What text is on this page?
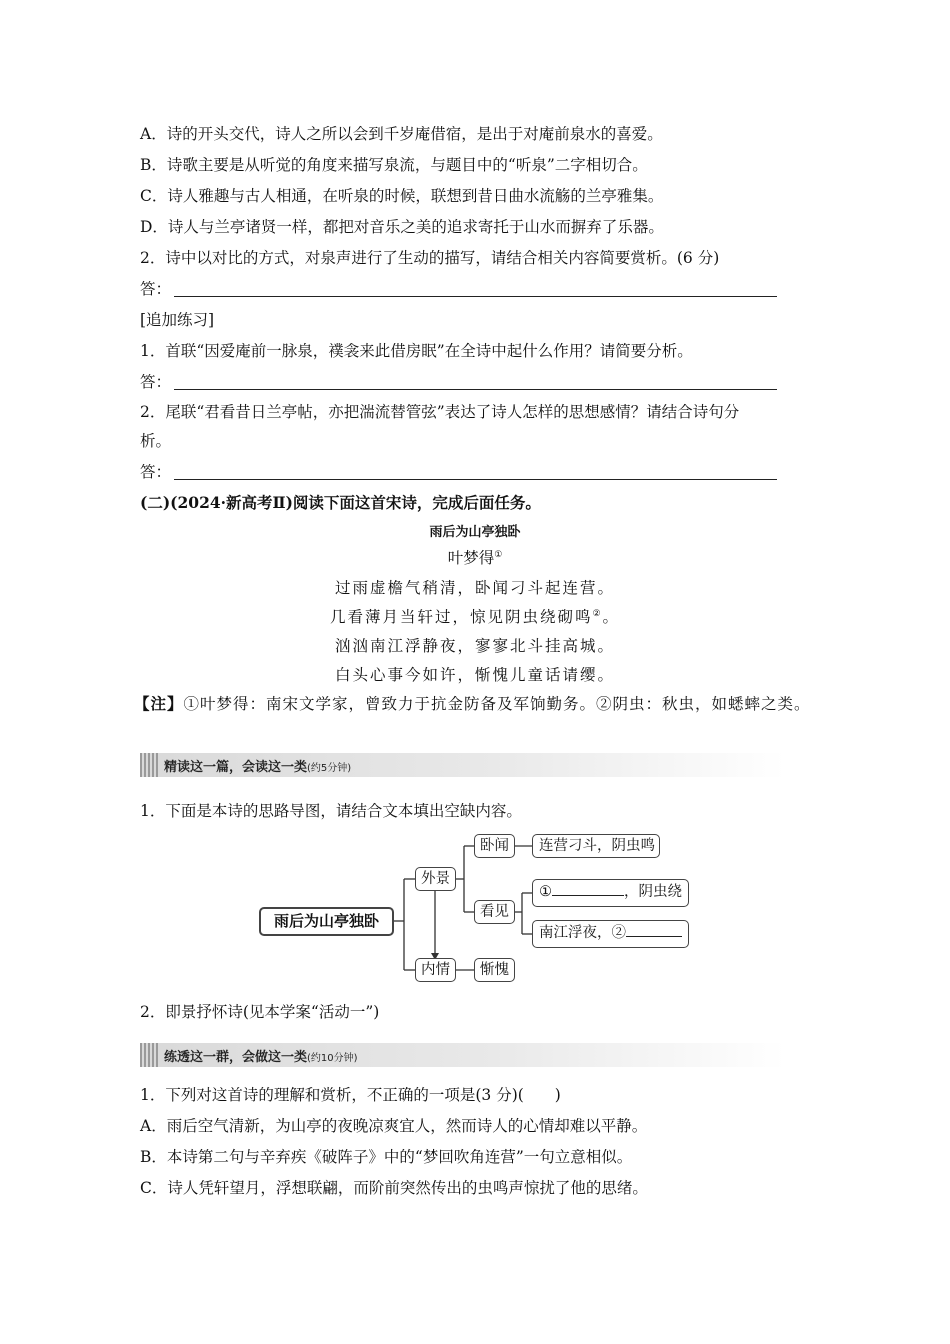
A．诗的开头交代，诗人之所以会到千岁庵借宿，是出于对庵前泉水的喜爱。
B．诗歌主要是从听觉的角度来描写泉流，与题目中的“听泉”二字相切合。
C．诗人雅趣与古人相通，在听泉的时候，联想到昔日曲水流觞的兰亭雅集。
D．诗人与兰亭诸贤一样，都把对音乐之美的追求寄托于山水而摒弃了乐器。
2．诗中以对比的方式，对泉声进行了生动的描写，请结合相关内容简要赏析。(6 分)
答：
[追加练习]
1．首联“因爱庵前一脉泉，襆衾来此借房眠”在全诗中起什么作用？请简要分析。
答：
2．尾联“君看昔日兰亭帖，亦把湍流替管弦”表达了诗人怎样的思想感情？请结合诗句分
析。
答：
(二)(2024·新高考Ⅱ)阅读下面这首宋诗，完成后面任务。
雨后为山亭独卧
叶梦得①
过雨虚檐气稍清，卧闻刁斗起连营。
几看薄月当轩过，惊见阴虫绕砌鸣②。
汹汹南江浮静夜，寥寥北斗挂高城。
白头心事今如许，惭愧儿童话请缨。
【注】①叶梦得：南宋文学家，曾致力于抗金防备及军饷勤务。②阴虫：秋虫，如蟋蟀之类。
精读这一篇，会读这一类(约5分钟)
1．下面是本诗的思路导图，请结合文本填出空缺内容。
雨后为山亭独卧
外景
内情
卧闻
看见
惭愧
连营刁斗，阴虫鸣
①	，阴虫绕
南江浮夜，②
2．即景抒怀诗(见本学案“活动一”)
练透这一群，会做这一类(约10分钟)
1．下列对这首诗的理解和赏析，不正确的一项是(3 分)(　　)
A．雨后空气清新，为山亭的夜晚凉爽宜人，然而诗人的心情却难以平静。
B．本诗第二句与辛弃疾《破阵子》中的“梦回吹角连营”一句立意相似。
C．诗人凭轩望月，浮想联翩，而阶前突然传出的虫鸣声惊扰了他的思绪。
